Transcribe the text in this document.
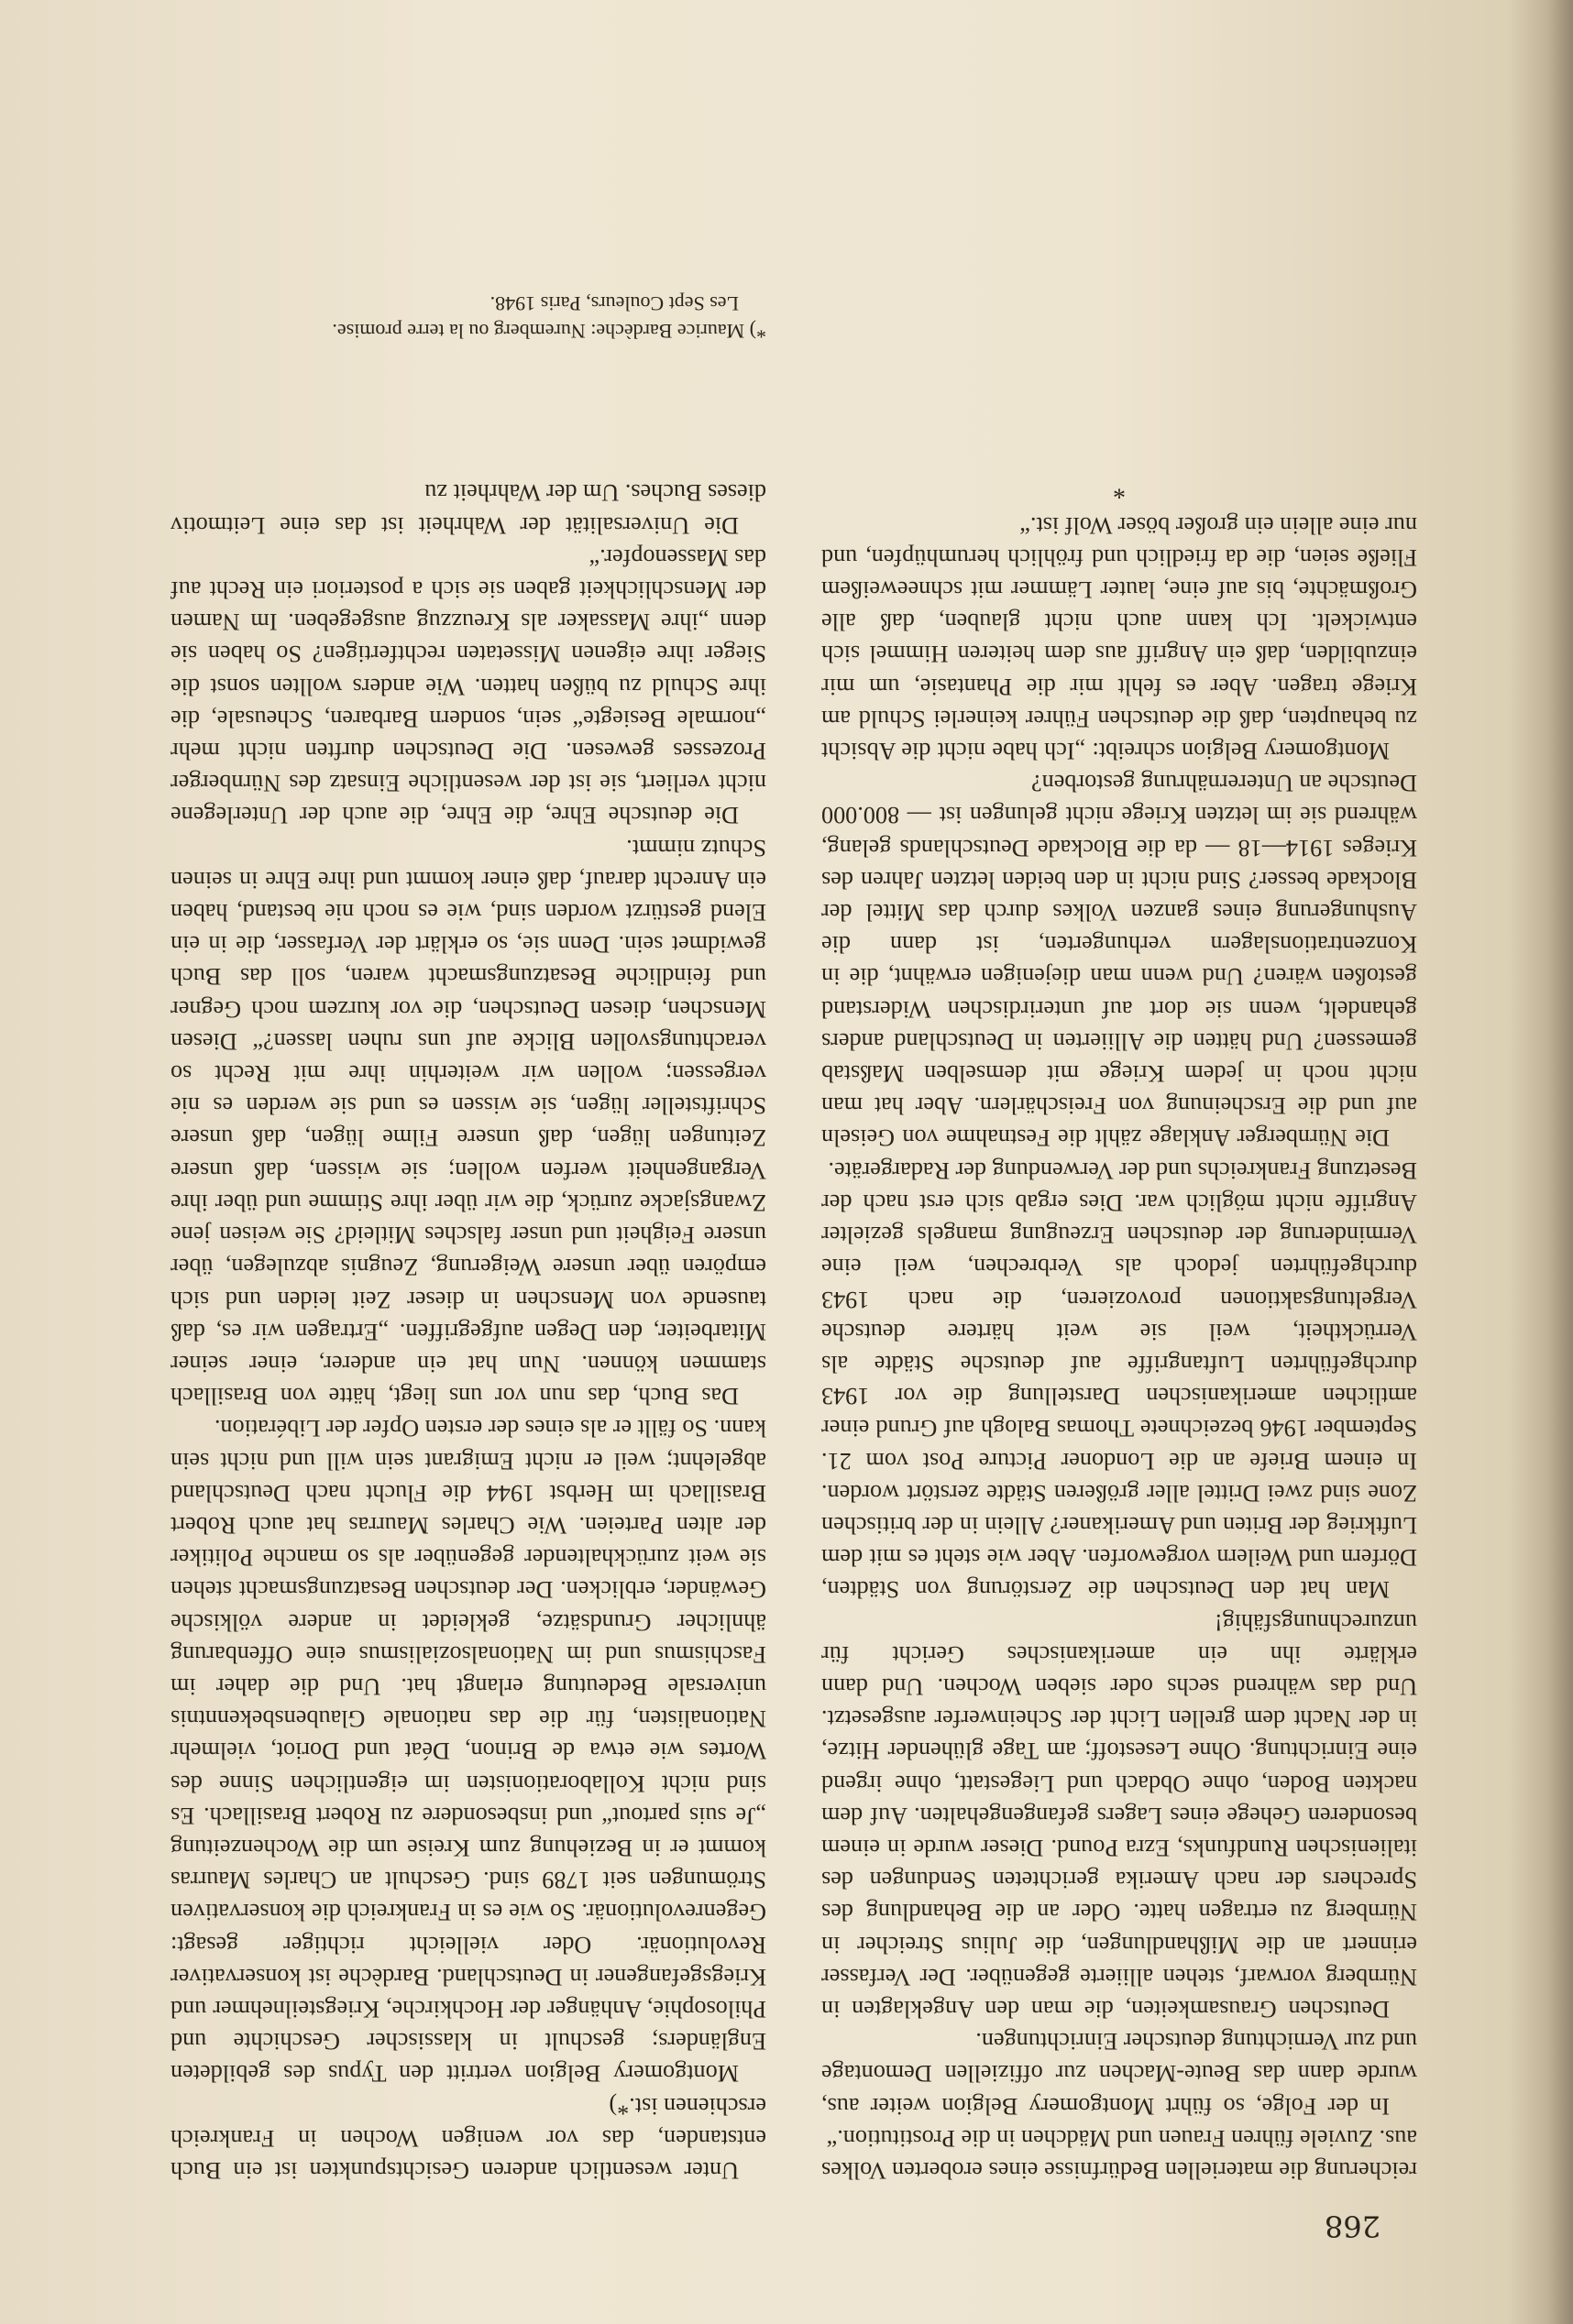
268

reicherung die materiellen Bedürfnisse eines eroberten Volkes aus. Zuviele führen Frauen und Mädchen in die Prostitution.“

In der Folge, so führt Montgomery Belgion weiter aus, wurde dann das Beute-Machen zur offiziellen Demontage und zur Vernichtung deutscher Einrichtungen.

Deutschen Grausamkeiten, die man den Angeklagten in Nürnberg vorwarf, stehen alliierte gegenüber. Der Verfasser erinnert an die Mißhandlungen, die Julius Streicher in Nürnberg zu ertragen hatte. Oder an die Behandlung des Sprechers der nach Amerika gerichteten Sendungen des italienischen Rundfunks, Ezra Pound. Dieser wurde in einem besonderen Gehege eines Lagers gefangengehalten. Auf dem nackten Boden, ohne Obdach und Liegestatt, ohne irgend eine Einrichtung. Ohne Lesestoff; am Tage glühender Hitze, in der Nacht dem grellen Licht der Scheinwerfer ausgesetzt. Und das während sechs oder sieben Wochen. Und dann erklärte ihn ein amerikanisches Gericht für unzurechnungsfähig!

Man hat den Deutschen die Zerstörung von Städten, Dörfern und Weilern vorgeworfen. Aber wie steht es mit dem Luftkrieg der Briten und Amerikaner? Allein in der britischen Zone sind zwei Drittel aller größeren Städte zerstört worden. In einem Briefe an die Londoner Picture Post vom 21. September 1946 bezeichnete Thomas Balogh auf Grund einer amtlichen amerikanischen Darstellung die vor 1943 durchgeführten Luftangriffe auf deutsche Städte als Verrücktheit, weil sie weit härtere deutsche Vergeltungsaktionen provozieren, die nach 1943 durchgeführten jedoch als Verbrechen, weil eine Verminderung der deutschen Erzeugung mangels gezielter Angriffe nicht möglich war. Dies ergab sich erst nach der Besetzung Frankreichs und der Verwendung der Radargeräte.

Die Nürnberger Anklage zählt die Festnahme von Geiseln auf und die Erscheinung von Freischärlern. Aber hat man nicht noch in jedem Kriege mit demselben Maßstab gemessen? Und hätten die Alliierten in Deutschland anders gehandelt, wenn sie dort auf unterirdischen Widerstand gestoßen wären? Und wenn man diejenigen erwähnt, die in Konzentrationslagern verhungerten, ist dann die Aushungerung eines ganzen Volkes durch das Mittel der Blockade besser? Sind nicht in den beiden letzten Jahren des Krieges 1914—18 — da die Blockade Deutschlands gelang, während sie im letzten Kriege nicht gelungen ist — 800.000 Deutsche an Unterernährung gestorben?

Montgomery Belgion schreibt: „Ich habe nicht die Absicht zu behaupten, daß die deutschen Führer keinerlei Schuld am Kriege tragen. Aber es fehlt mir die Phantasie, um mir einzubilden, daß ein Angriff aus dem heiteren Himmel sich entwickelt. Ich kann auch nicht glauben, daß alle Großmächte, bis auf eine, lauter Lämmer mit schneeweißem Fließe seien, die da friedlich und fröhlich herumhüpfen, und nur eine allein ein großer böser Wolf ist.“

*

Unter wesentlich anderen Gesichtspunkten ist ein Buch entstanden, das vor wenigen Wochen in Frankreich erschienen ist.*)

Montgomery Belgion vertritt den Typus des gebildeten Engländers; geschult in klassischer Geschichte und Philosophie, Anhänger der Hochkirche, Kriegsteilnehmer und Kriegsgefangener in Deutschland. Bardèche ist konservativer Revolutionär. Oder vielleicht richtiger gesagt: Gegenrevolutionär. So wie es in Frankreich die konservativen Strömungen seit 1789 sind. Geschult an Charles Maurras kommt er in Beziehung zum Kreise um die Wochenzeitung „Je suis partout“ und insbesondere zu Robert Brasillach. Es sind nicht Kollaborationisten im eigentlichen Sinne des Wortes wie etwa de Brinon, Déat und Doriot, vielmehr Nationalisten, für die das nationale Glaubensbekenntnis universale Bedeutung erlangt hat. Und die daher im Faschismus und im Nationalsozialismus eine Offenbarung ähnlicher Grundsätze, gekleidet in andere völkische Gewänder, erblicken. Der deutschen Besatzungsmacht stehen sie weit zurückhaltender gegenüber als so manche Politiker der alten Parteien. Wie Charles Maurras hat auch Robert Brasillach im Herbst 1944 die Flucht nach Deutschland abgelehnt; weil er nicht Emigrant sein will und nicht sein kann. So fällt er als eines der ersten Opfer der Libération.

Das Buch, das nun vor uns liegt, hätte von Brasillach stammen können. Nun hat ein anderer, einer seiner Mitarbeiter, den Degen aufgegriffen. „Ertragen wir es, daß tausende von Menschen in dieser Zeit leiden und sich empören über unsere Weigerung, Zeugnis abzulegen, über unsere Feigheit und unser falsches Mitleid? Sie weisen jene Zwangsjacke zurück, die wir über ihre Stimme und über ihre Vergangenheit werfen wollen; sie wissen, daß unsere Zeitungen lügen, daß unsere Filme lügen, daß unsere Schriftsteller lügen, sie wissen es und sie werden es nie vergessen; wollen wir weiterhin ihre mit Recht so verachtungsvollen Blicke auf uns ruhen lassen?“ Diesen Menschen, diesen Deutschen, die vor kurzem noch Gegner und feindliche Besatzungsmacht waren, soll das Buch gewidmet sein. Denn sie, so erklärt der Verfasser, die in ein Elend gestürzt worden sind, wie es noch nie bestand, haben ein Anrecht darauf, daß einer kommt und ihre Ehre in seinen Schutz nimmt.

Die deutsche Ehre, die Ehre, die auch der Unterlegene nicht verliert, sie ist der wesentliche Einsatz des Nürnberger Prozesses gewesen. Die Deutschen durften nicht mehr „normale Besiegte“ sein, sondern Barbaren, Scheusale, die ihre Schuld zu büßen hatten. Wie anders wollten sonst die Sieger ihre eigenen Missetaten rechtfertigen? So haben sie denn „ihre Massaker als Kreuzzug ausgegeben. Im Namen der Menschlichkeit gaben sie sich a posteriori ein Recht auf das Massenopfer.“

Die Universalität der Wahrheit ist das eine Leitmotiv dieses Buches. Um der Wahrheit zu

*) Maurice Bardèche: Nuremberg ou la terre promise.

Les Sept Couleurs, Paris 1948.
